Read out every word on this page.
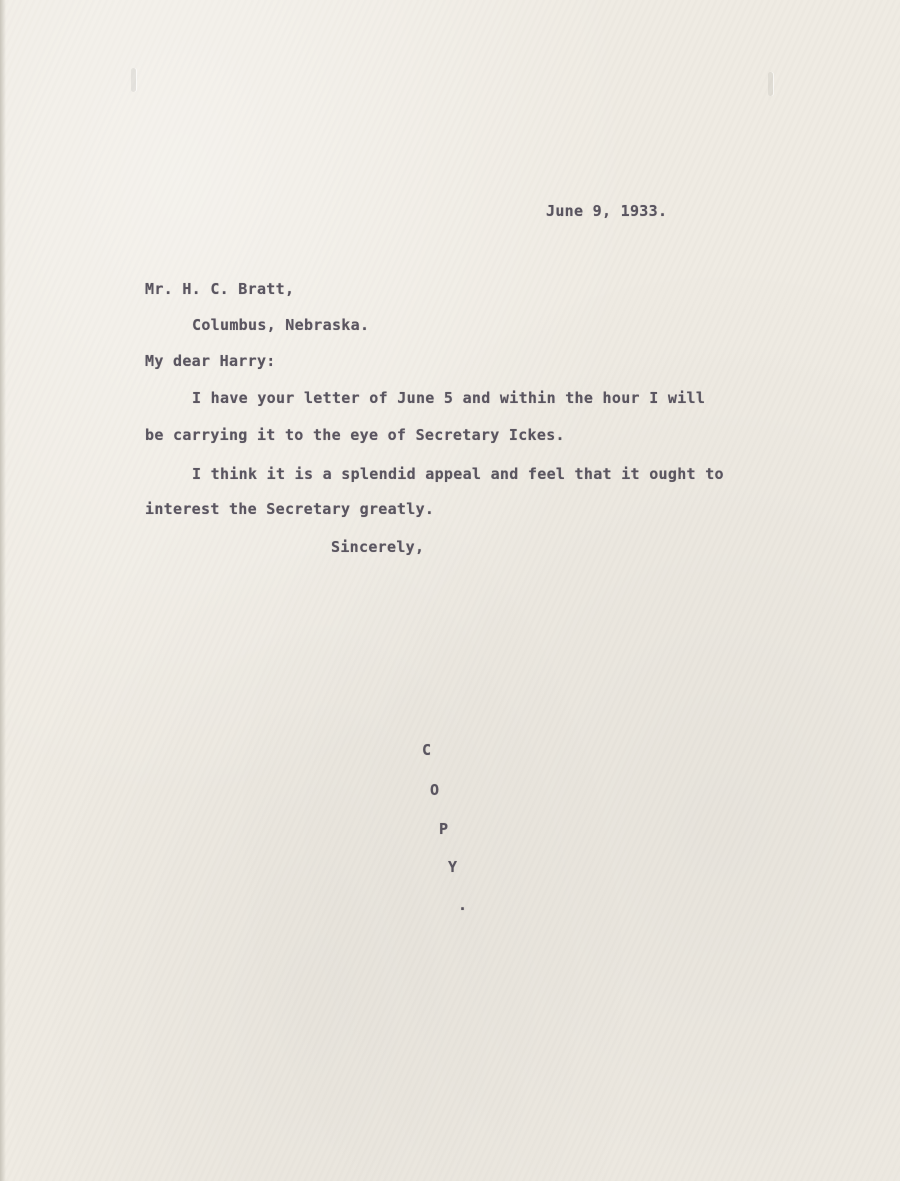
June 9, 1933.
Mr. H. C. Bratt,
Columbus, Nebraska.
My dear Harry:
I have your letter of June 5 and within the hour I will
be carrying it to the eye of Secretary Ickes.
I think it is a splendid appeal and feel that it ought to
interest the Secretary greatly.
Sincerely,
C
O
P
Y
.
